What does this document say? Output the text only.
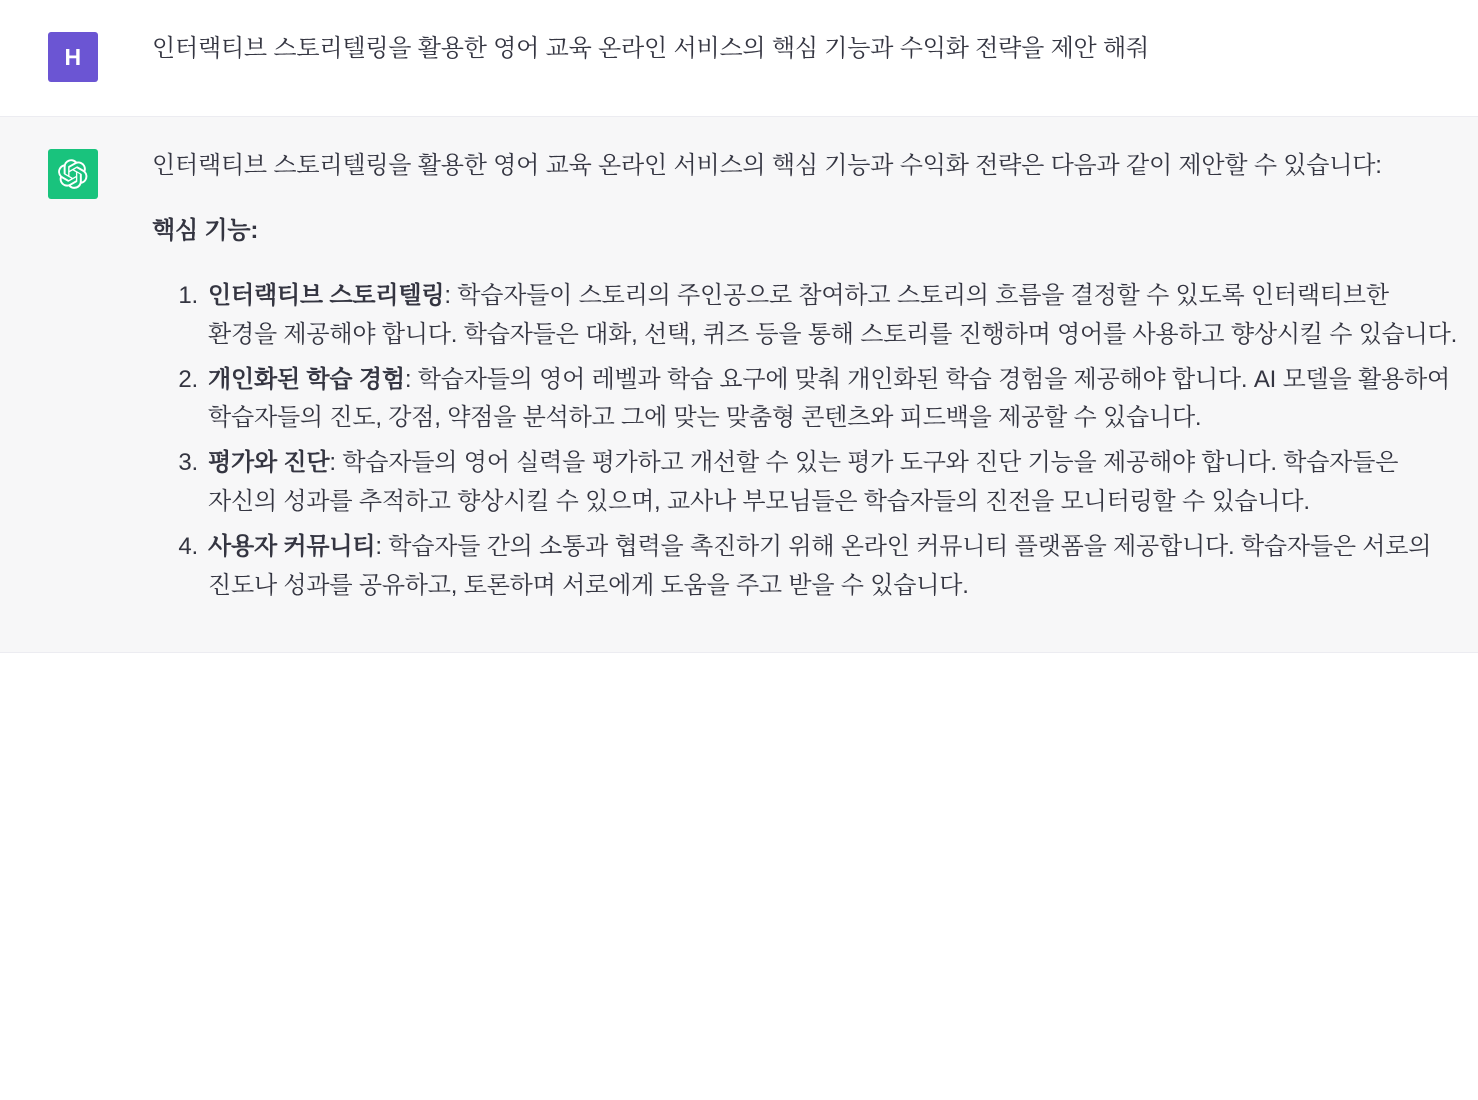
H	인터랙티브 스토리텔링을 활용한 영어 교육 온라인 서비스의 핵심 기능과 수익화 전략을 제안 해줘

인터랙티브 스토리텔링을 활용한 영어 교육 온라인 서비스의 핵심 기능과 수익화 전략은 다음과 같이 제안할 수 있습니다:

핵심 기능:

인터랙티브 스토리텔링: 학습자들이 스토리의 주인공으로 참여하고 스토리의 흐름을 결정할 수 있도록 인터랙티브한 환경을 제공해야 합니다. 학습자들은 대화, 선택, 퀴즈 등을 통해 스토리를 진행하며 영어를 사용하고 향상시킬 수 있습니다.
개인화된 학습 경험: 학습자들의 영어 레벨과 학습 요구에 맞춰 개인화된 학습 경험을 제공해야 합니다. AI 모델을 활용하여 학습자들의 진도, 강점, 약점을 분석하고 그에 맞는 맞춤형 콘텐츠와 피드백을 제공할 수 있습니다.
평가와 진단: 학습자들의 영어 실력을 평가하고 개선할 수 있는 평가 도구와 진단 기능을 제공해야 합니다. 학습자들은 자신의 성과를 추적하고 향상시킬 수 있으며, 교사나 부모님들은 학습자들의 진전을 모니터링할 수 있습니다.
사용자 커뮤니티: 학습자들 간의 소통과 협력을 촉진하기 위해 온라인 커뮤니티 플랫폼을 제공합니다. 학습자들은 서로의 진도나 성과를 공유하고, 토론하며 서로에게 도움을 주고 받을 수 있습니다.
